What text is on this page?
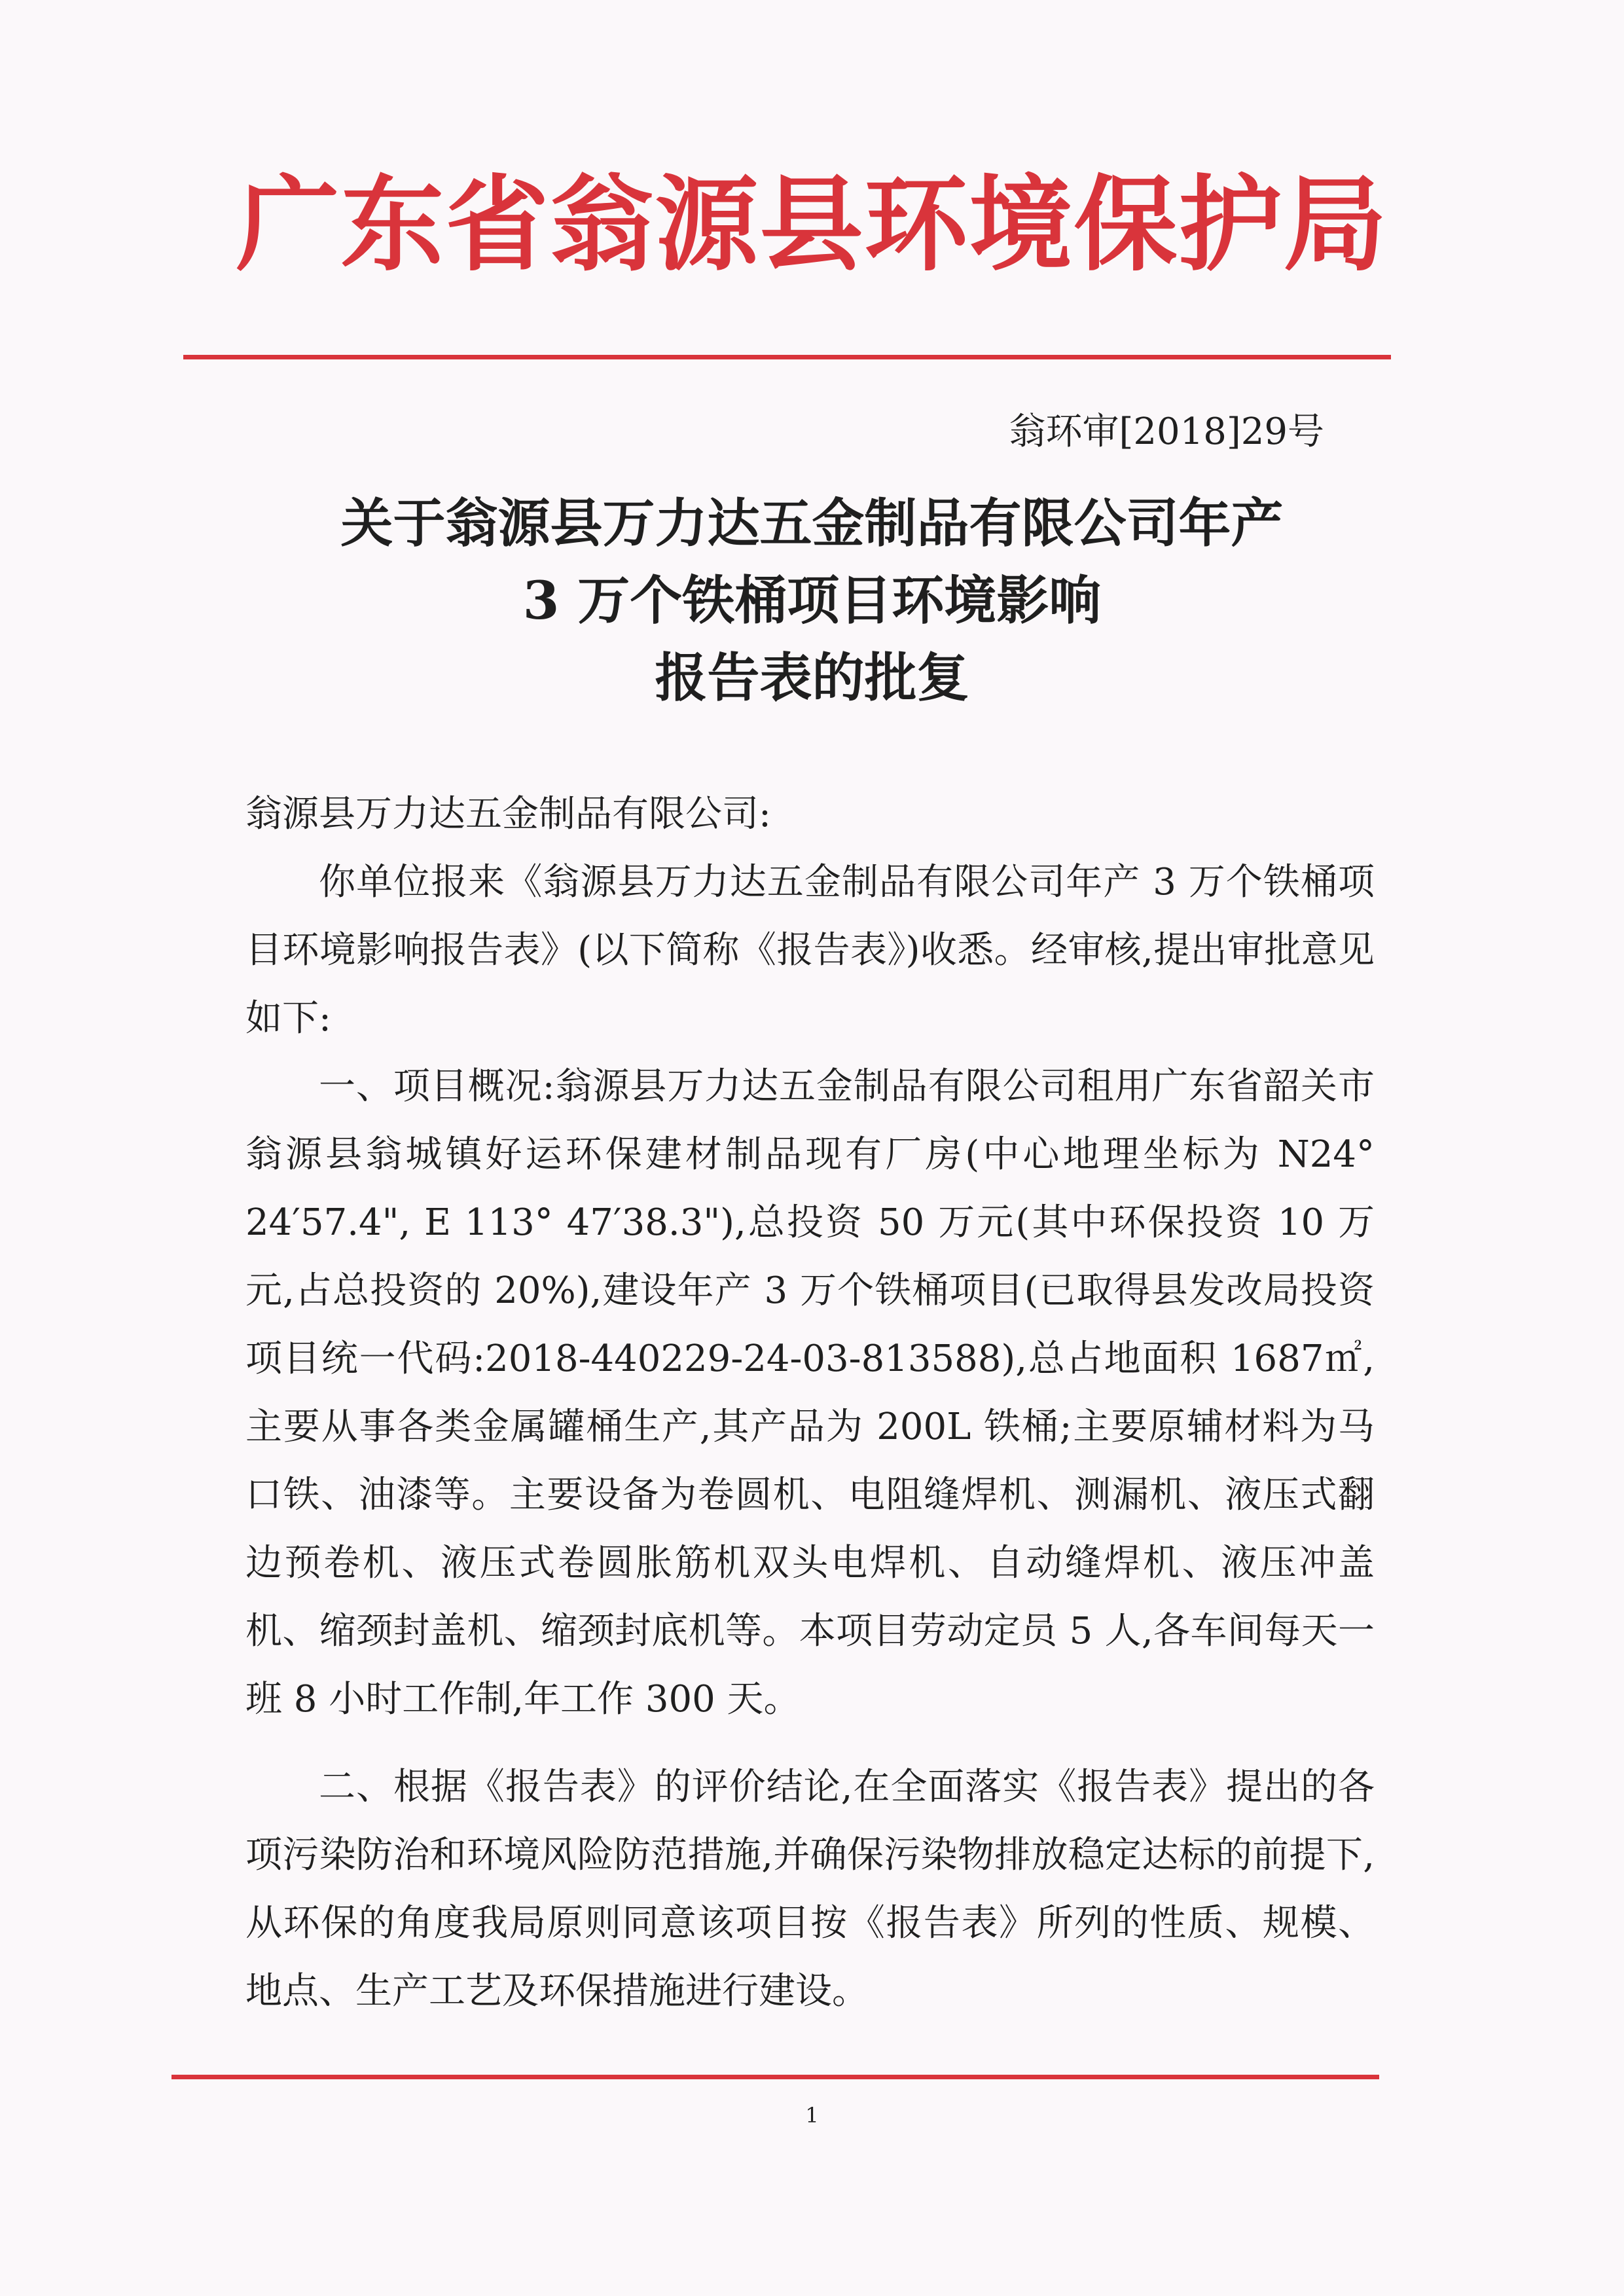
广东省翁源县环境保护局
翁环审[2018]29号
关于翁源县万力达五金制品有限公司年产
3 万个铁桶项目环境影响
报告表的批复

翁源县万力达五金制品有限公司:

你单位报来《翁源县万力达五金制品有限公司年产 3 万个铁桶项目环境影响报告表》(以下简称《报告表》)收悉。经审核,提出审批意见如下:

一、项目概况:翁源县万力达五金制品有限公司租用广东省韶关市翁源县翁城镇好运环保建材制品现有厂房(中心地理坐标为 N24° 24′57.4", E 113° 47′38.3"),总投资 50 万元(其中环保投资 10 万元,占总投资的 20%),建设年产 3 万个铁桶项目(已取得县发改局投资项目统一代码:2018-440229-24-03-813588),总占地面积 1687㎡,主要从事各类金属罐桶生产,其产品为 200L 铁桶;主要原辅材料为马口铁、油漆等。主要设备为卷圆机、电阻缝焊机、测漏机、液压式翻边预卷机、液压式卷圆胀筋机双头电焊机、自动缝焊机、液压冲盖机、缩颈封盖机、缩颈封底机等。本项目劳动定员 5 人,各车间每天一班 8 小时工作制,年工作 300 天。

二、根据《报告表》的评价结论,在全面落实《报告表》提出的各项污染防治和环境风险防范措施,并确保污染物排放稳定达标的前提下,从环保的角度我局原则同意该项目按《报告表》所列的性质、规模、地点、生产工艺及环保措施进行建设。

1
